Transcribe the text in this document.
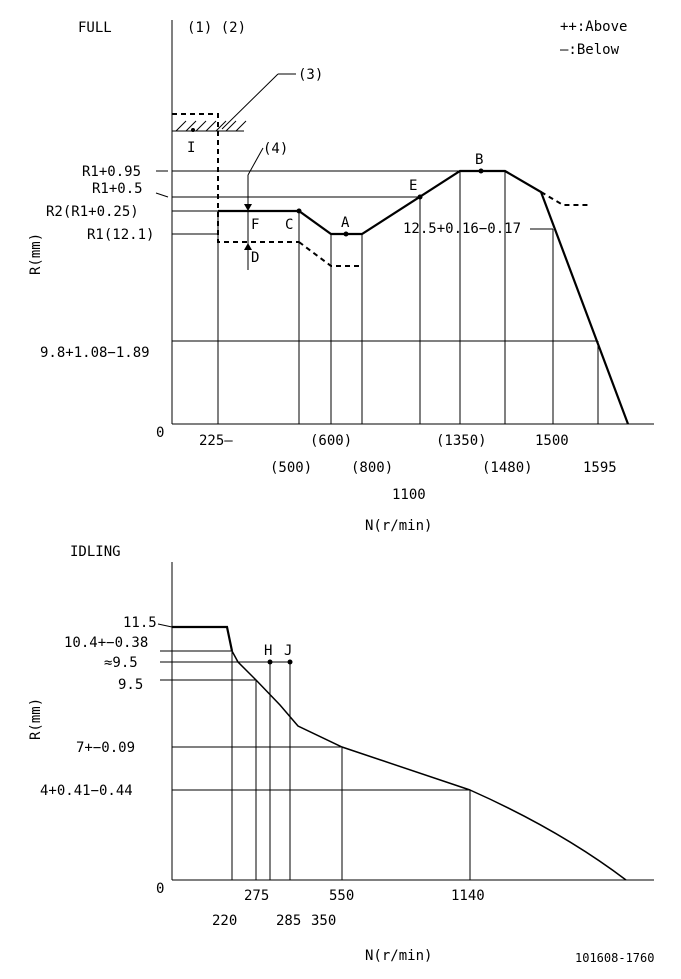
FULL	(1) (2)	++:Above
—:Below
R(mm)
N(r/min)
R1+0.95
R1+0.5
R2(R1+0.25)
R1(12.1)
9.8+1.08−1.89
0
12.5+0.16−0.17
I
C
F
D
A
E
B
(3)
(4)
225—
(500)
(600)
(800)
1100
(1350)
(1480)
1500
1595
IDLING
R(mm)
N(r/min)
11.5
10.4+−0.38
≈9.5
9.5
7+−0.09
4+0.41−0.44
0
H J
220
275
285 350
550	1140
101608-1760
